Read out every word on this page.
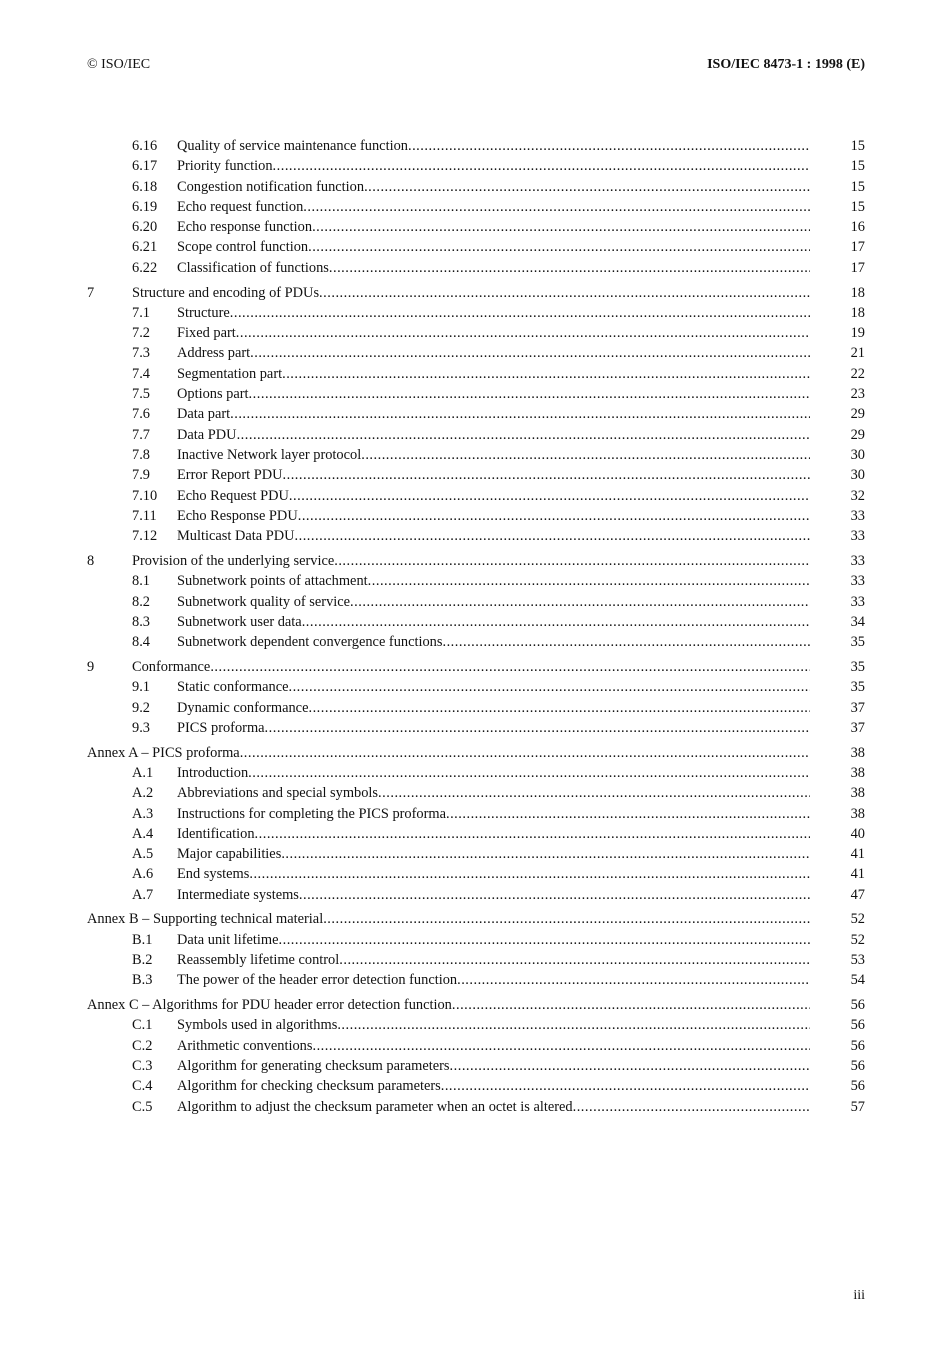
© ISO/IEC	ISO/IEC 8473-1 : 1998 (E)
6.16 Quality of service maintenance function .....	15
6.17 Priority function .....	15
6.18 Congestion notification function .....	15
6.19 Echo request function .....	15
6.20 Echo response function .....	16
6.21 Scope control function .....	17
6.22 Classification of functions .....	17
7	Structure and encoding of PDUs .....	18
7.1 Structure .....	18
7.2 Fixed part .....	19
7.3 Address part .....	21
7.4 Segmentation part .....	22
7.5 Options part .....	23
7.6 Data part .....	29
7.7 Data PDU .....	29
7.8 Inactive Network layer protocol .....	30
7.9 Error Report PDU .....	30
7.10 Echo Request PDU .....	32
7.11 Echo Response PDU .....	33
7.12 Multicast Data PDU .....	33
8	Provision of the underlying service .....	33
8.1 Subnetwork points of attachment .....	33
8.2 Subnetwork quality of service .....	33
8.3 Subnetwork user data .....	34
8.4 Subnetwork dependent convergence functions .....	35
9	Conformance .....	35
9.1 Static conformance .....	35
9.2 Dynamic conformance .....	37
9.3 PICS proforma .....	37
Annex A – PICS proforma .....	38
A.1 Introduction .....	38
A.2 Abbreviations and special symbols .....	38
A.3 Instructions for completing the PICS proforma .....	38
A.4 Identification .....	40
A.5 Major capabilities .....	41
A.6 End systems .....	41
A.7 Intermediate systems .....	47
Annex B – Supporting technical material .....	52
B.1 Data unit lifetime .....	52
B.2 Reassembly lifetime control .....	53
B.3 The power of the header error detection function .....	54
Annex C – Algorithms for PDU header error detection function .....	56
C.1 Symbols used in algorithms .....	56
C.2 Arithmetic conventions .....	56
C.3 Algorithm for generating checksum parameters .....	56
C.4 Algorithm for checking checksum parameters .....	56
C.5 Algorithm to adjust the checksum parameter when an octet is altered .....	57
iii
